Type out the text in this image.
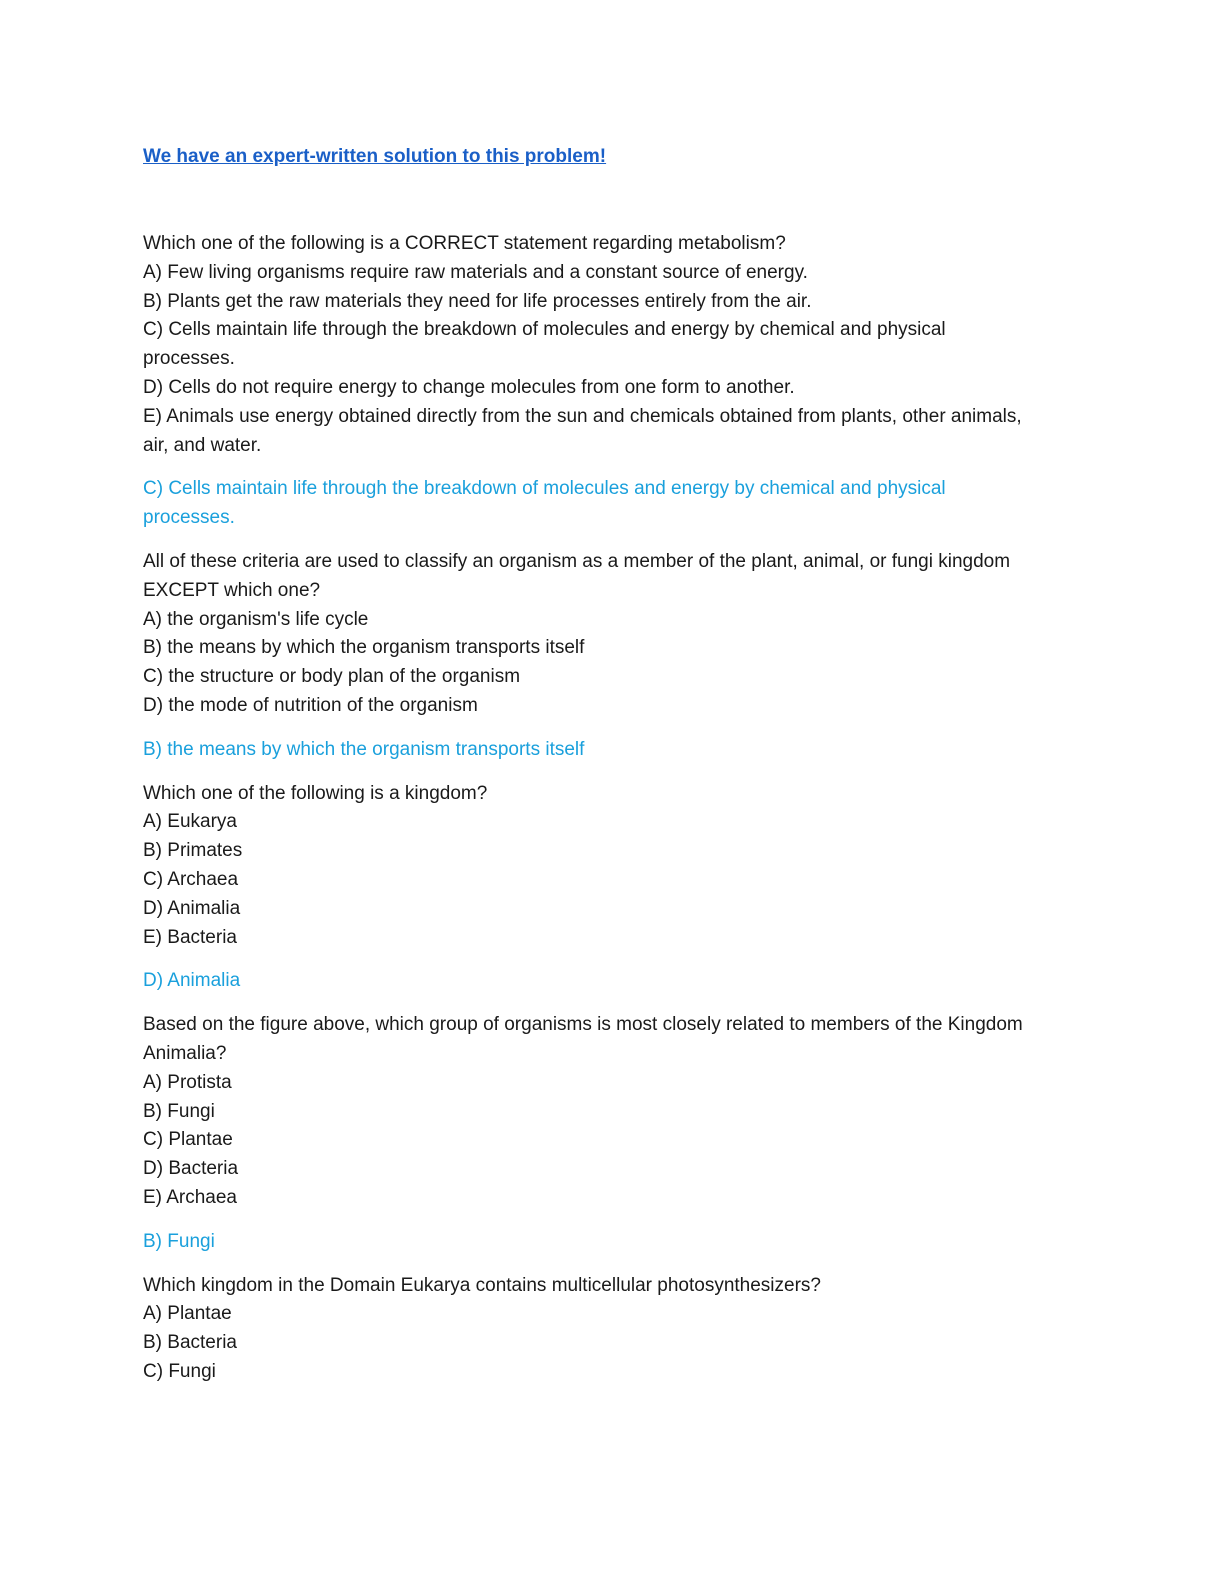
We have an expert-written solution to this problem!
Which one of the following is a CORRECT statement regarding metabolism?
A) Few living organisms require raw materials and a constant source of energy.
B) Plants get the raw materials they need for life processes entirely from the air.
C) Cells maintain life through the breakdown of molecules and energy by chemical and physical
processes.
D) Cells do not require energy to change molecules from one form to another.
E) Animals use energy obtained directly from the sun and chemicals obtained from plants, other animals,
air, and water.
C) Cells maintain life through the breakdown of molecules and energy by chemical and physical
processes.
All of these criteria are used to classify an organism as a member of the plant, animal, or fungi kingdom
EXCEPT which one?
A) the organism's life cycle
B) the means by which the organism transports itself
C) the structure or body plan of the organism
D) the mode of nutrition of the organism
B) the means by which the organism transports itself
Which one of the following is a kingdom?
A) Eukarya
B) Primates
C) Archaea
D) Animalia
E) Bacteria
D) Animalia
Based on the figure above, which group of organisms is most closely related to members of the Kingdom
Animalia?
A) Protista
B) Fungi
C) Plantae
D) Bacteria
E) Archaea
B) Fungi
Which kingdom in the Domain Eukarya contains multicellular photosynthesizers?
A) Plantae
B) Bacteria
C) Fungi
